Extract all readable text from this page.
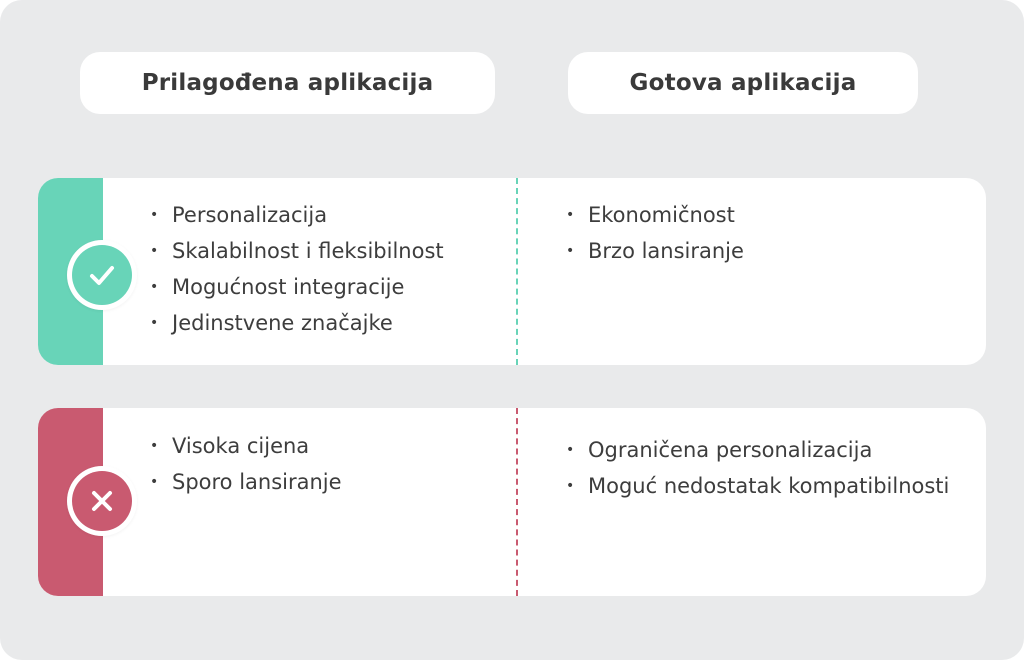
Prilagođena aplikacija	Gotova aplikacija
• Personalizacija
• Skalabilnost i fleksibilnost
• Mogućnost integracije
• Jedinstvene značajke
• Ekonomičnost
• Brzo lansiranje
• Visoka cijena
• Sporo lansiranje
• Ograničena personalizacija
• Moguć nedostatak kompatibilnosti
